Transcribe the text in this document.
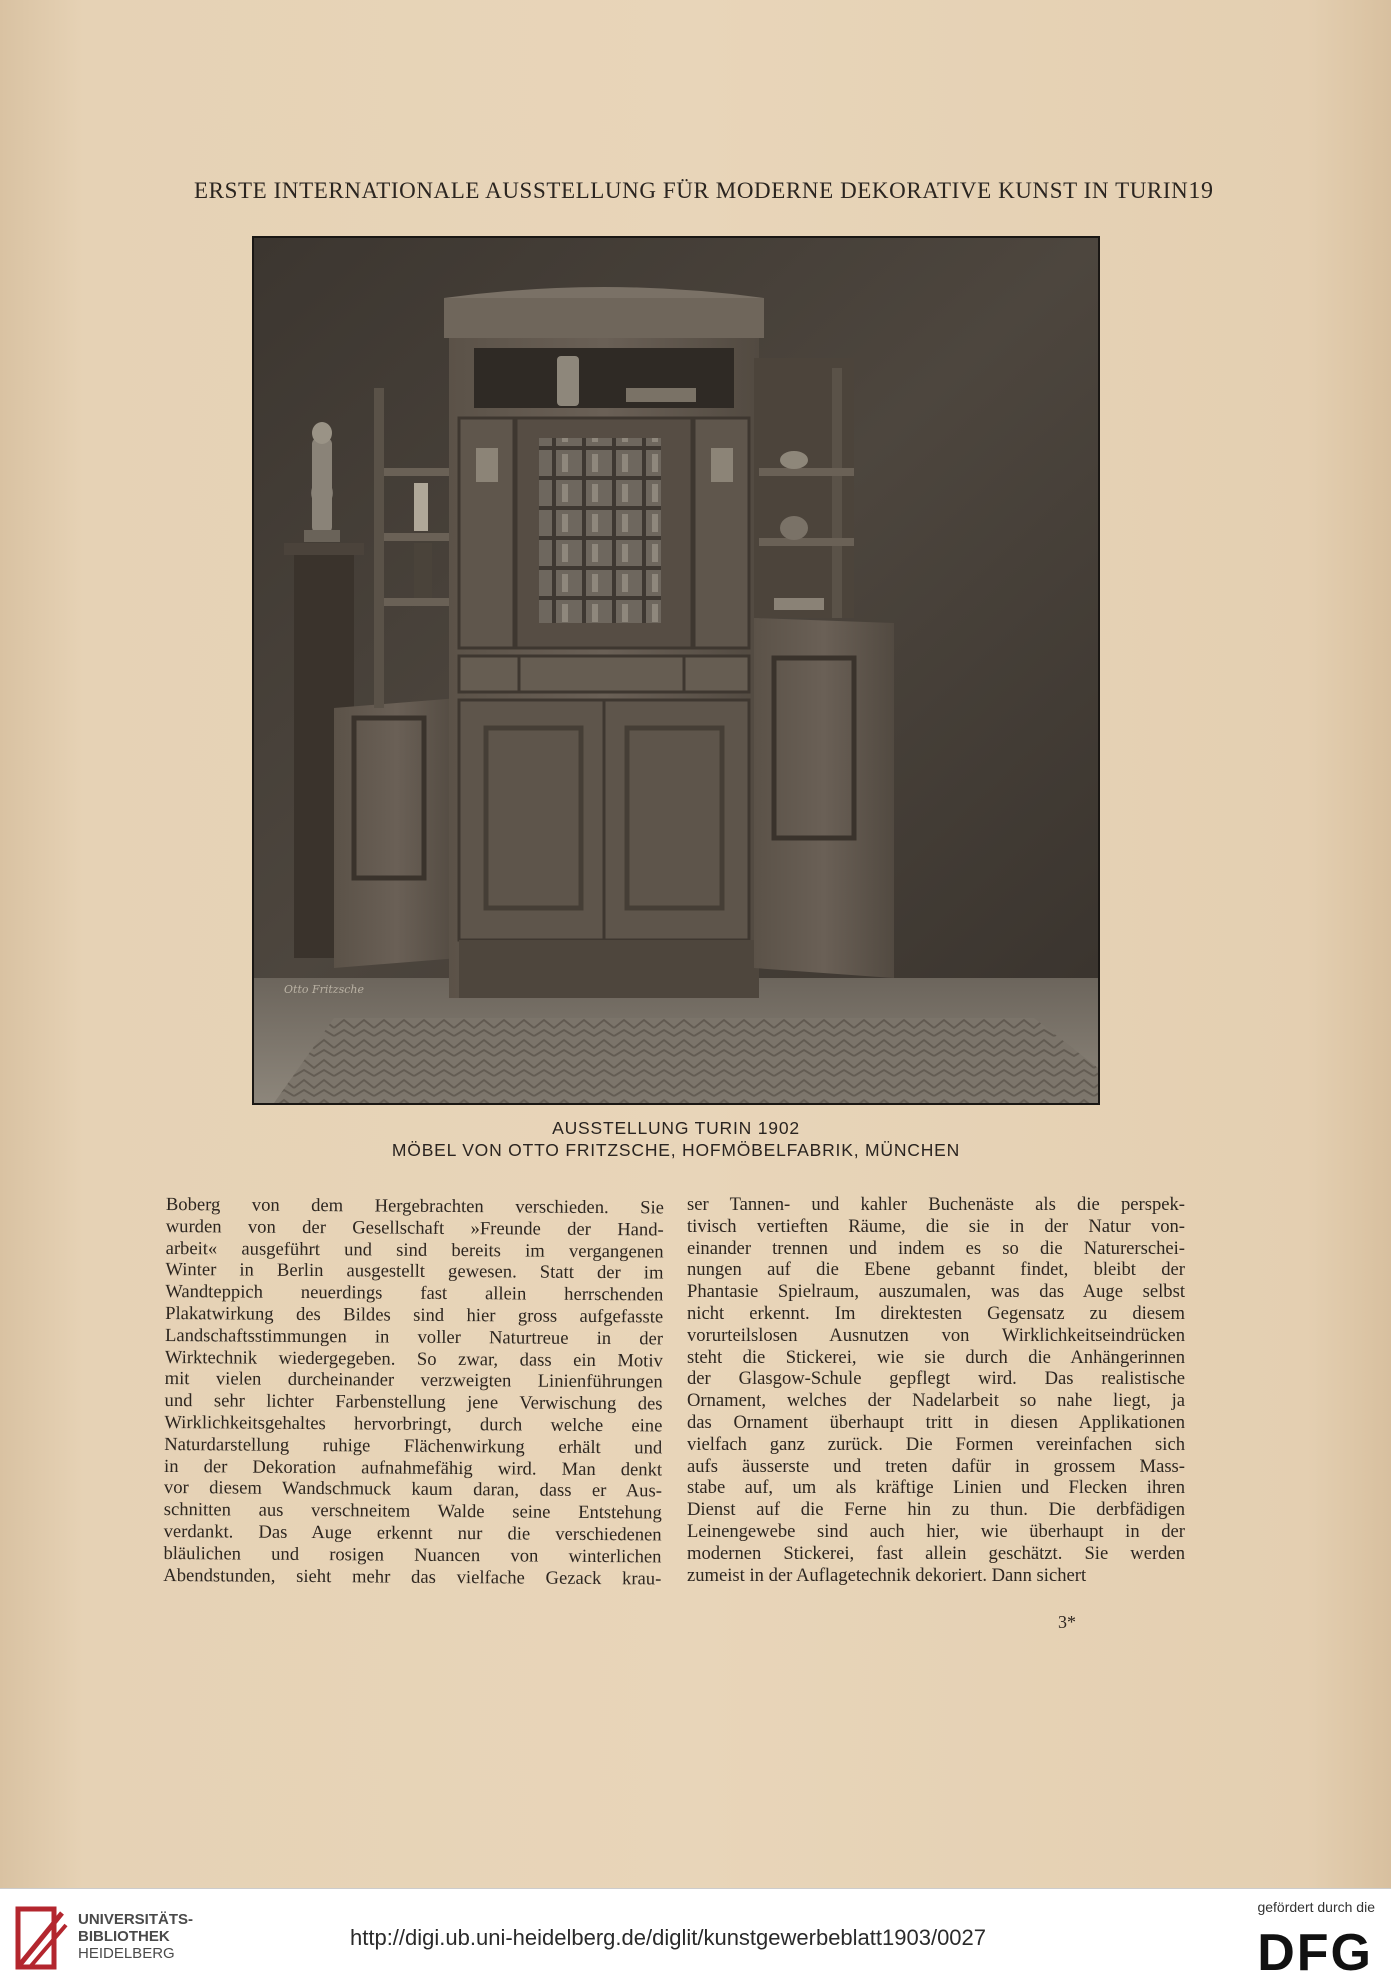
ERSTE INTERNATIONALE AUSSTELLUNG FÜR MODERNE DEKORATIVE KUNST IN TURIN 19
Otto Fritzsche
AUSSTELLUNG TURIN 1902
MÖBEL VON OTTO FRITZSCHE, HOFMÖBELFABRIK, MÜNCHEN
Boberg von dem Hergebrachten verschieden. Sie
wurden von der Gesellschaft »Freunde der Hand-
arbeit« ausgeführt und sind bereits im vergangenen
Winter in Berlin ausgestellt gewesen. Statt der im
Wandteppich neuerdings fast allein herrschenden
Plakatwirkung des Bildes sind hier gross aufgefasste
Landschaftsstimmungen in voller Naturtreue in der
Wirktechnik wiedergegeben. So zwar, dass ein Motiv
mit vielen durcheinander verzweigten Linienführungen
und sehr lichter Farbenstellung jene Verwischung des
Wirklichkeitsgehaltes hervorbringt, durch welche eine
Naturdarstellung ruhige Flächenwirkung erhält und
in der Dekoration aufnahmefähig wird. Man denkt
vor diesem Wandschmuck kaum daran, dass er Aus-
schnitten aus verschneitem Walde seine Entstehung
verdankt. Das Auge erkennt nur die verschiedenen
bläulichen und rosigen Nuancen von winterlichen
Abendstunden, sieht mehr das vielfache Gezack krau-
ser Tannen- und kahler Buchenäste als die perspek-
tivisch vertieften Räume, die sie in der Natur von-
einander trennen und indem es so die Naturerschei-
nungen auf die Ebene gebannt findet, bleibt der
Phantasie Spielraum, auszumalen, was das Auge selbst
nicht erkennt. Im direktesten Gegensatz zu diesem
vorurteilslosen Ausnutzen von Wirklichkeitseindrücken
steht die Stickerei, wie sie durch die Anhängerinnen
der Glasgow-Schule gepflegt wird. Das realistische
Ornament, welches der Nadelarbeit so nahe liegt, ja
das Ornament überhaupt tritt in diesen Applikationen
vielfach ganz zurück. Die Formen vereinfachen sich
aufs äusserste und treten dafür in grossem Mass-
stabe auf, um als kräftige Linien und Flecken ihren
Dienst auf die Ferne hin zu thun. Die derbfädigen
Leinengewebe sind auch hier, wie überhaupt in der
modernen Stickerei, fast allein geschätzt. Sie werden
zumeist in der Auflagetechnik dekoriert. Dann sichert
3*
UNIVERSITÄTS-
BIBLIOTHEK
HEIDELBERG
http://digi.ub.uni-heidelberg.de/diglit/kunstgewerbeblatt1903/0027
gefördert durch die
DFG
